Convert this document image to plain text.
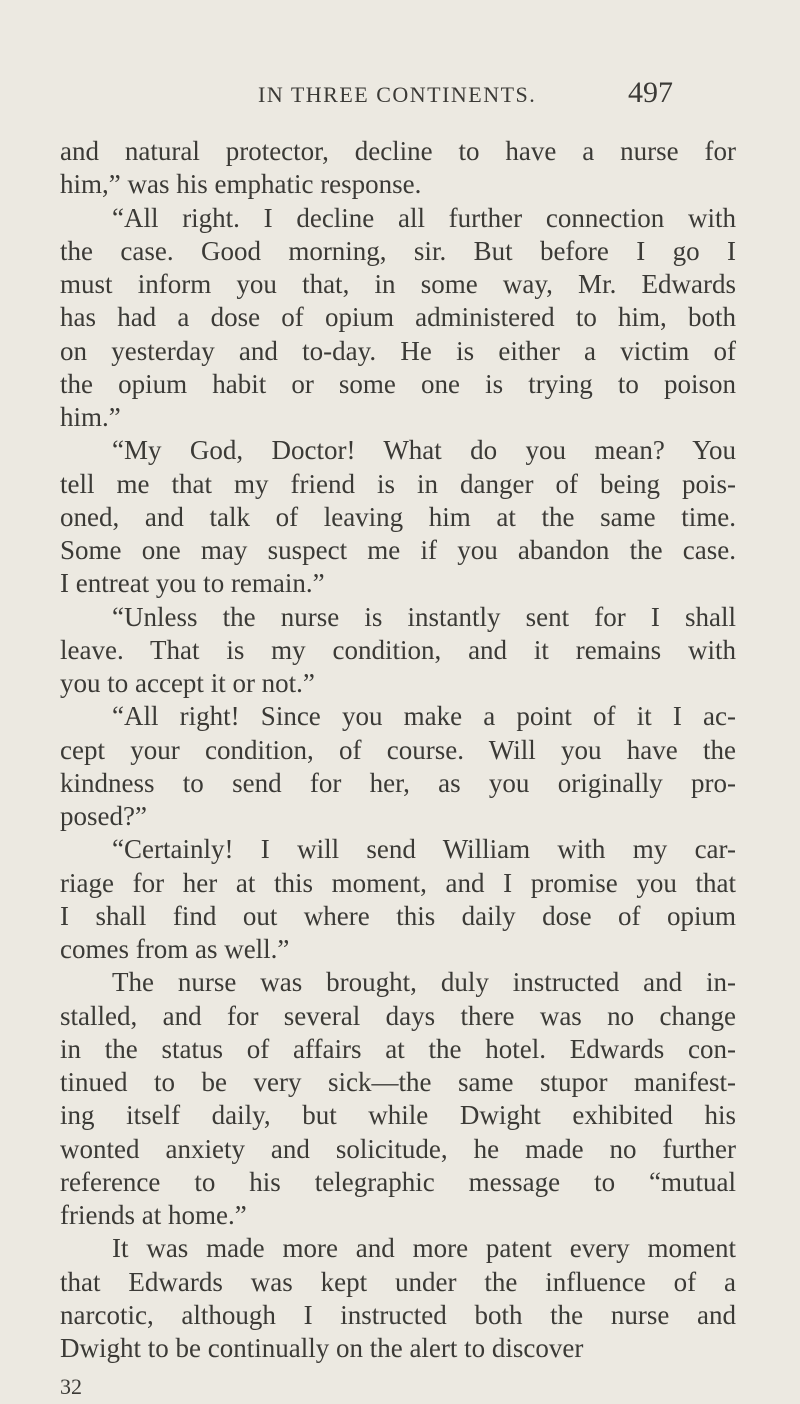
IN THREE CONTINENTS.	497
and natural protector, decline to have a nurse for
him,” was his emphatic response.
“All right. I decline all further connection with
the case. Good morning, sir. But before I go I
must inform you that, in some way, Mr. Edwards
has had a dose of opium administered to him, both
on yesterday and to-day. He is either a victim of
the opium habit or some one is trying to poison
him.”
“My God, Doctor! What do you mean? You
tell me that my friend is in danger of being pois-
oned, and talk of leaving him at the same time.
Some one may suspect me if you abandon the case.
I entreat you to remain.”
“Unless the nurse is instantly sent for I shall
leave. That is my condition, and it remains with
you to accept it or not.”
“All right! Since you make a point of it I ac-
cept your condition, of course. Will you have the
kindness to send for her, as you originally pro-
posed?”
“Certainly! I will send William with my car-
riage for her at this moment, and I promise you that
I shall find out where this daily dose of opium
comes from as well.”
The nurse was brought, duly instructed and in-
stalled, and for several days there was no change
in the status of affairs at the hotel. Edwards con-
tinued to be very sick—the same stupor manifest-
ing itself daily, but while Dwight exhibited his
wonted anxiety and solicitude, he made no further
reference to his telegraphic message to “mutual
friends at home.”
It was made more and more patent every moment
that Edwards was kept under the influence of a
narcotic, although I instructed both the nurse and
Dwight to be continually on the alert to discover
32
